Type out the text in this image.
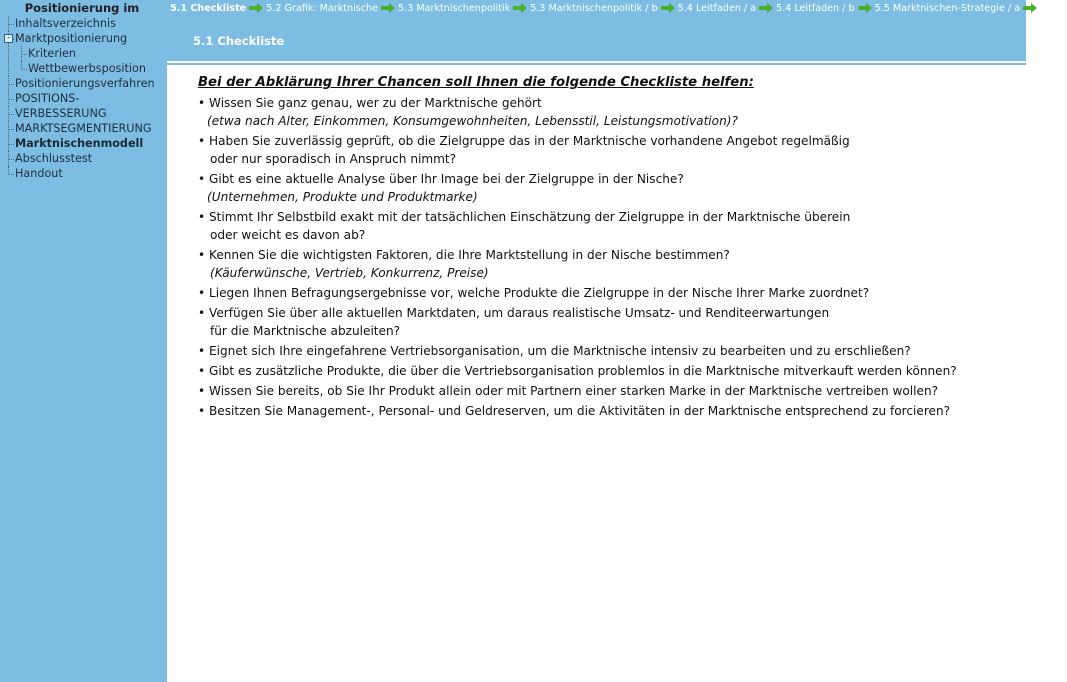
Positionierung im
Inhaltsverzeichnis
- Marktpositionierung
Kriterien
Wettbewerbsposition
Positionierungsverfahren
POSITIONS-
VERBESSERUNG
MARKTSEGMENTIERUNG
Marktnischenmodell
Abschlusstest
Handout
5.1 Checkliste 5.2 Grafik: Marktnische 5.3 Marktnischenpolitik 5.3 Marktnischenpolitik / b 5.4 Leitfaden / a 5.4 Leitfaden / b 5.5 Marktnischen-Strategie / a 5.5 M
5.1 Checkliste
Bei der Abklärung Ihrer Chancen soll Ihnen die folgende Checkliste helfen:
• Wissen Sie ganz genau, wer zu der Marktnische gehört
(etwa nach Alter, Einkommen, Konsumgewohnheiten, Lebensstil, Leistungsmotivation)?
• Haben Sie zuverlässig geprüft, ob die Zielgruppe das in der Marktnische vorhandene Angebot regelmäßig
oder nur sporadisch in Anspruch nimmt?
• Gibt es eine aktuelle Analyse über Ihr Image bei der Zielgruppe in der Nische?
(Unternehmen, Produkte und Produktmarke)
• Stimmt Ihr Selbstbild exakt mit der tatsächlichen Einschätzung der Zielgruppe in der Marktnische überein
oder weicht es davon ab?
• Kennen Sie die wichtigsten Faktoren, die Ihre Marktstellung in der Nische bestimmen?
(Käuferwünsche, Vertrieb, Konkurrenz, Preise)
• Liegen Ihnen Befragungsergebnisse vor, welche Produkte die Zielgruppe in der Nische Ihrer Marke zuordnet?
• Verfügen Sie über alle aktuellen Marktdaten, um daraus realistische Umsatz- und Renditeerwartungen
für die Marktnische abzuleiten?
• Eignet sich Ihre eingefahrene Vertriebsorganisation, um die Marktnische intensiv zu bearbeiten und zu erschließen?
• Gibt es zusätzliche Produkte, die über die Vertriebsorganisation problemlos in die Marktnische mitverkauft werden können?
• Wissen Sie bereits, ob Sie Ihr Produkt allein oder mit Partnern einer starken Marke in der Marktnische vertreiben wollen?
• Besitzen Sie Management-, Personal- und Geldreserven, um die Aktivitäten in der Marktnische entsprechend zu forcieren?
